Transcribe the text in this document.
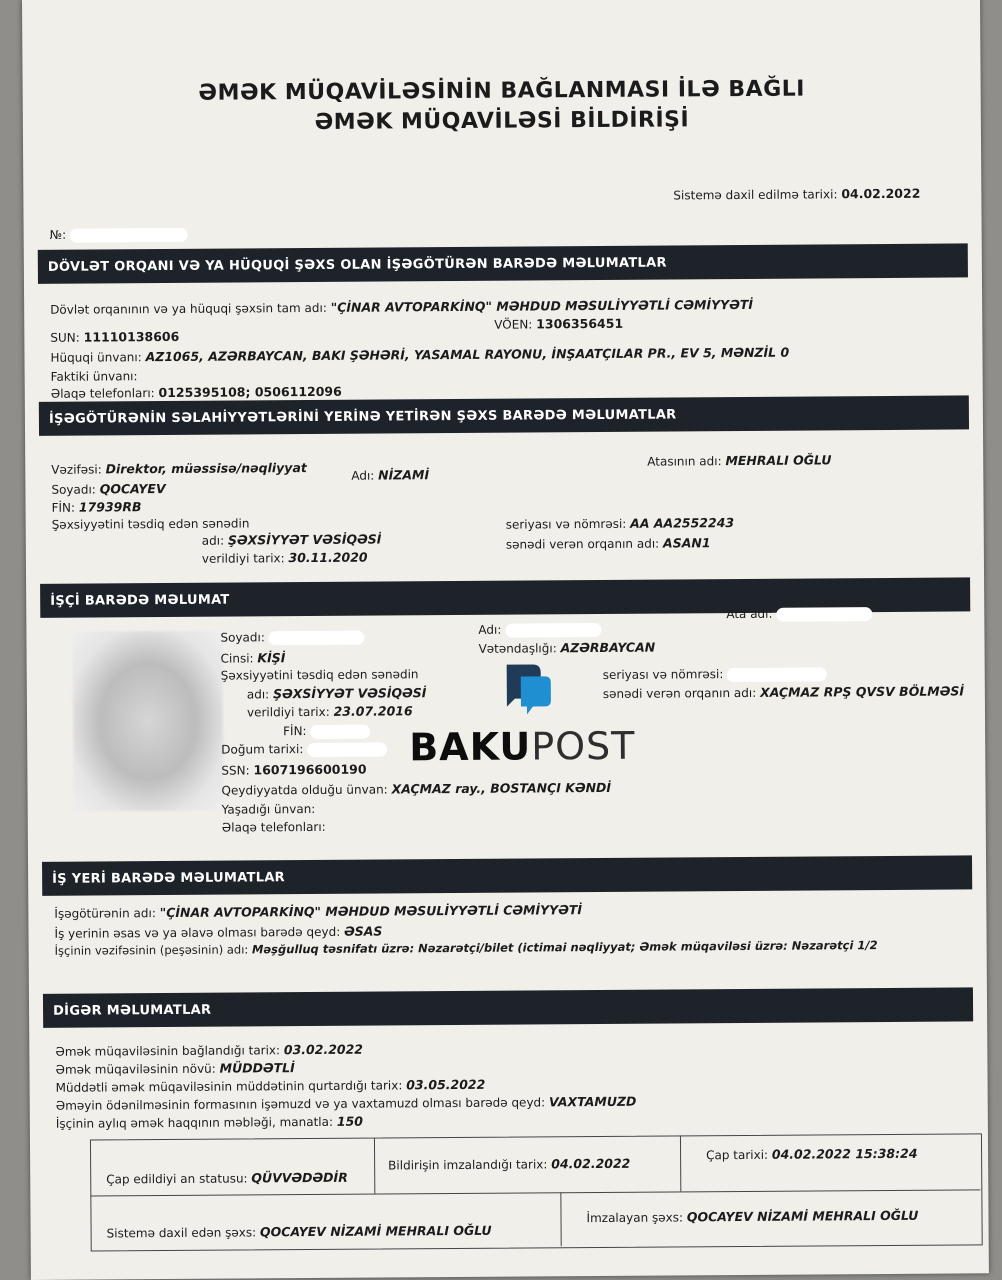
ƏMƏK MÜQAVİLƏSİNİN BAĞLANMASI İLƏ BAĞLI
ƏMƏK MÜQAVİLƏSİ BİLDİRİŞİ
Sistemə daxil edilmə tarixi: 04.02.2022
№:
DÖVLƏT ORQANI VƏ YA HÜQUQİ ŞƏXS OLAN İŞƏGÖTÜRƏN BARƏDƏ MƏLUMATLAR
Dövlət orqanının və ya hüquqi şəxsin tam adı: "ÇİNAR AVTOPARKİNQ" MƏHDUD MƏSULİYYƏTLİ CƏMİYYƏTİ
VÖEN: 1306356451
SUN: 11110138606
Hüquqi ünvanı: AZ1065, AZƏRBAYCAN, BAKI ŞƏHƏRİ, YASAMAL RAYONU, İNŞAATÇILAR PR., EV 5, MƏNZİL 0
Faktiki ünvanı:
Əlaqə telefonları: 0125395108; 0506112096
İŞƏGÖTÜRƏNİN SƏLAHİYYƏTLƏRİNİ YERİNƏ YETİRƏN ŞƏXS BARƏDƏ MƏLUMATLAR
Vəzifəsi: Direktor, müəssisə/nəqliyyat	Adı: NİZAMİ
Atasının adı: MEHRALI OĞLU
Soyadı: QOCAYEV
FİN: 17939RB
Şəxsiyyətini təsdiq edən sənədin
adı: ŞƏXSİYYƏT VƏSİQƏSİ
seriyası və nömrəsi: AA AA2552243
verildiyi tarix: 30.11.2020
sənədi verən orqanın adı: ASAN1
İŞÇİ BARƏDƏ MƏLUMAT
Soyadı:
Adı:
Ata adı:
Cinsi: KİŞİ
Vətəndaşlığı: AZƏRBAYCAN
Şəxsiyyətini təsdiq edən sənədin
adı: ŞƏXSİYYƏT VƏSİQƏSİ
seriyası və nömrəsi:
sənədi verən orqanın adı: XAÇMAZ RPŞ QVSV BÖLMƏSİ
verildiyi tarix: 23.07.2016
FİN:
Doğum tarixi:
SSN: 1607196600190
Qeydiyyatda olduğu ünvan: XAÇMAZ ray., BOSTANÇI KƏNDİ
Yaşadığı ünvan:
Əlaqə telefonları:
BAKUPOST
İŞ YERİ BARƏDƏ MƏLUMATLAR
İşəgötürənin adı: "ÇİNAR AVTOPARKİNQ" MƏHDUD MƏSULİYYƏTLİ CƏMİYYƏTİ
İş yerinin əsas və ya əlavə olması barədə qeyd: ƏSAS
İşçinin vəzifəsinin (peşəsinin) adı: Məşğulluq təsnifatı üzrə: Nəzarətçi/bilet (ictimai nəqliyyat; Əmək müqaviləsi üzrə: Nəzarətçi 1/2
DİGƏR MƏLUMATLAR
Əmək müqaviləsinin bağlandığı tarix: 03.02.2022
Əmək müqaviləsinin növü: MÜDDƏTLİ
Müddətli əmək müqaviləsinin müddətinin qurtardığı tarix: 03.05.2022
Əməyin ödənilməsinin formasının işəmuzd və ya vaxtamuzd olması barədə qeyd: VAXTAMUZD
İşçinin aylıq əmək haqqının məbləği, manatla: 150
Çap edildiyi an statusu: QÜVVƏDƏDİR
Bildirişin imzalandığı tarix: 04.02.2022
Çap tarixi: 04.02.2022 15:38:24
Sistemə daxil edən şəxs: QOCAYEV NİZAMİ MEHRALI OĞLU
İmzalayan şəxs: QOCAYEV NİZAMİ MEHRALI OĞLU
